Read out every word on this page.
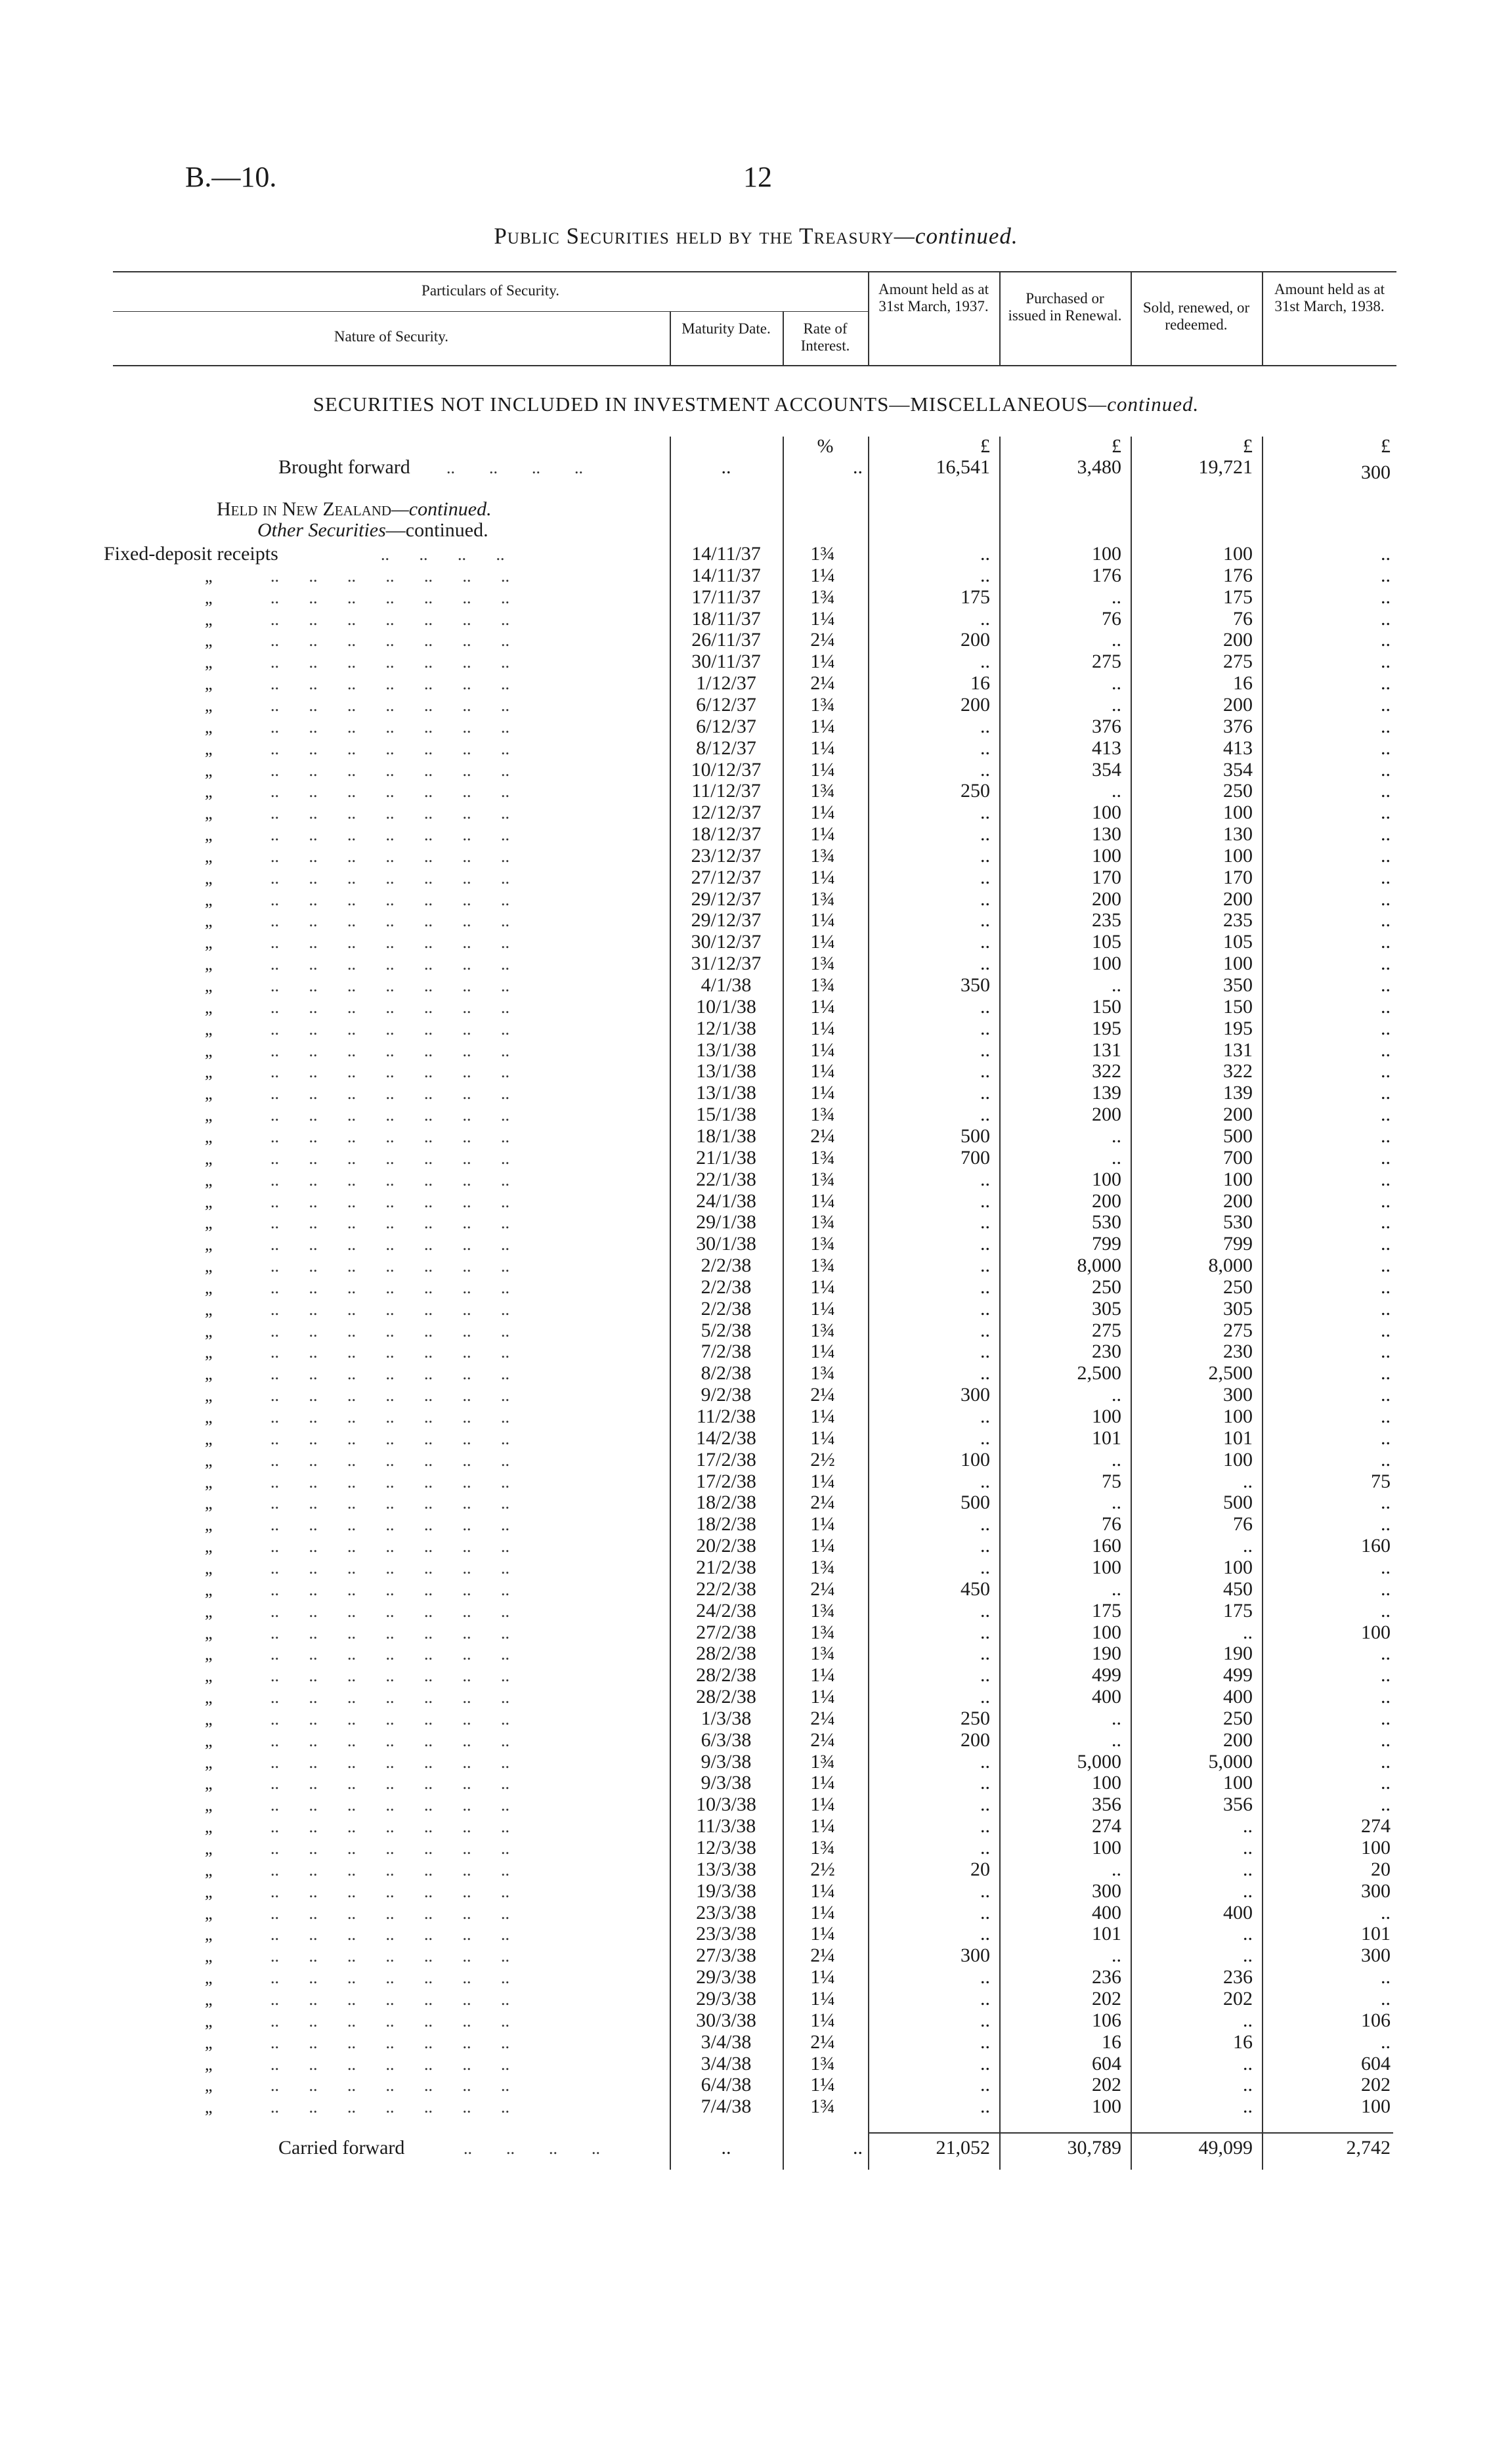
B.—10.	12
Public Securities held by the Treasury—continued.
Particulars of Security.
Nature of Security.	Maturity Date.	Rate of Interest.
Amount held as at 31st March, 1937.	Purchased or issued in Renewal.	Sold, renewed, or redeemed.
Amount held as at 31st March, 1938.
SECURITIES NOT INCLUDED IN INVESTMENT ACCOUNTS—MISCELLANEOUS—continued.
%	£	£	£	£
Brought forward ..        ..        ..        ..	..	..	16,541	3,480	19,721	300
Held in New Zealand—continued.
Other Securities—continued.
Fixed-deposit receipts	..       ..       ..       ..	14/11/37	1¾	..	100	100	..
„	..       ..       ..       ..       ..       ..       ..	14/11/37	1¼	..	176	176	..
„	..       ..       ..       ..       ..       ..       ..	17/11/37	1¾	175	..	175	..
„	..       ..       ..       ..       ..       ..       ..	18/11/37	1¼	..	76	76	..
„	..       ..       ..       ..       ..       ..       ..	26/11/37	2¼	200	..	200	..
„	..       ..       ..       ..       ..       ..       ..	30/11/37	1¼	..	275	275	..
„	..       ..       ..       ..       ..       ..       ..	1/12/37	2¼	16	..	16	..
„	..       ..       ..       ..       ..       ..       ..	6/12/37	1¾	200	..	200	..
„	..       ..       ..       ..       ..       ..       ..	6/12/37	1¼	..	376	376	..
„	..       ..       ..       ..       ..       ..       ..	8/12/37	1¼	..	413	413	..
„	..       ..       ..       ..       ..       ..       ..	10/12/37	1¼	..	354	354	..
„	..       ..       ..       ..       ..       ..       ..	11/12/37	1¾	250	..	250	..
„	..       ..       ..       ..       ..       ..       ..	12/12/37	1¼	..	100	100	..
„	..       ..       ..       ..       ..       ..       ..	18/12/37	1¼	..	130	130	..
„	..       ..       ..       ..       ..       ..       ..	23/12/37	1¾	..	100	100	..
„	..       ..       ..       ..       ..       ..       ..	27/12/37	1¼	..	170	170	..
„	..       ..       ..       ..       ..       ..       ..	29/12/37	1¾	..	200	200	..
„	..       ..       ..       ..       ..       ..       ..	29/12/37	1¼	..	235	235	..
„	..       ..       ..       ..       ..       ..       ..	30/12/37	1¼	..	105	105	..
„	..       ..       ..       ..       ..       ..       ..	31/12/37	1¾	..	100	100	..
„	..       ..       ..       ..       ..       ..       ..	4/1/38	1¾	350	..	350	..
„	..       ..       ..       ..       ..       ..       ..	10/1/38	1¼	..	150	150	..
„	..       ..       ..       ..       ..       ..       ..	12/1/38	1¼	..	195	195	..
„	..       ..       ..       ..       ..       ..       ..	13/1/38	1¼	..	131	131	..
„	..       ..       ..       ..       ..       ..       ..	13/1/38	1¼	..	322	322	..
„	..       ..       ..       ..       ..       ..       ..	13/1/38	1¼	..	139	139	..
„	..       ..       ..       ..       ..       ..       ..	15/1/38	1¾	..	200	200	..
„	..       ..       ..       ..       ..       ..       ..	18/1/38	2¼	500	..	500	..
„	..       ..       ..       ..       ..       ..       ..	21/1/38	1¾	700	..	700	..
„	..       ..       ..       ..       ..       ..       ..	22/1/38	1¾	..	100	100	..
„	..       ..       ..       ..       ..       ..       ..	24/1/38	1¼	..	200	200	..
„	..       ..       ..       ..       ..       ..       ..	29/1/38	1¾	..	530	530	..
„	..       ..       ..       ..       ..       ..       ..	30/1/38	1¾	..	799	799	..
„	..       ..       ..       ..       ..       ..       ..	2/2/38	1¾	..	8,000	8,000	..
„	..       ..       ..       ..       ..       ..       ..	2/2/38	1¼	..	250	250	..
„	..       ..       ..       ..       ..       ..       ..	2/2/38	1¼	..	305	305	..
„	..       ..       ..       ..       ..       ..       ..	5/2/38	1¾	..	275	275	..
„	..       ..       ..       ..       ..       ..       ..	7/2/38	1¼	..	230	230	..
„	..       ..       ..       ..       ..       ..       ..	8/2/38	1¾	..	2,500	2,500	..
„	..       ..       ..       ..       ..       ..       ..	9/2/38	2¼	300	..	300	..
„	..       ..       ..       ..       ..       ..       ..	11/2/38	1¼	..	100	100	..
„	..       ..       ..       ..       ..       ..       ..	14/2/38	1¼	..	101	101	..
„	..       ..       ..       ..       ..       ..       ..	17/2/38	2½	100	..	100	..
„	..       ..       ..       ..       ..       ..       ..	17/2/38	1¼	..	75	..	75
„	..       ..       ..       ..       ..       ..       ..	18/2/38	2¼	500	..	500	..
„	..       ..       ..       ..       ..       ..       ..	18/2/38	1¼	..	76	76	..
„	..       ..       ..       ..       ..       ..       ..	20/2/38	1¼	..	160	..	160
„	..       ..       ..       ..       ..       ..       ..	21/2/38	1¾	..	100	100	..
„	..       ..       ..       ..       ..       ..       ..	22/2/38	2¼	450	..	450	..
„	..       ..       ..       ..       ..       ..       ..	24/2/38	1¾	..	175	175	..
„	..       ..       ..       ..       ..       ..       ..	27/2/38	1¾	..	100	..	100
„	..       ..       ..       ..       ..       ..       ..	28/2/38	1¾	..	190	190	..
„	..       ..       ..       ..       ..       ..       ..	28/2/38	1¼	..	499	499	..
„	..       ..       ..       ..       ..       ..       ..	28/2/38	1¼	..	400	400	..
„	..       ..       ..       ..       ..       ..       ..	1/3/38	2¼	250	..	250	..
„	..       ..       ..       ..       ..       ..       ..	6/3/38	2¼	200	..	200	..
„	..       ..       ..       ..       ..       ..       ..	9/3/38	1¾	..	5,000	5,000	..
„	..       ..       ..       ..       ..       ..       ..	9/3/38	1¼	..	100	100	..
„	..       ..       ..       ..       ..       ..       ..	10/3/38	1¼	..	356	356	..
„	..       ..       ..       ..       ..       ..       ..	11/3/38	1¼	..	274	..	274
„	..       ..       ..       ..       ..       ..       ..	12/3/38	1¾	..	100	..	100
„	..       ..       ..       ..       ..       ..       ..	13/3/38	2½	20	..	..	20
„	..       ..       ..       ..       ..       ..       ..	19/3/38	1¼	..	300	..	300
„	..       ..       ..       ..       ..       ..       ..	23/3/38	1¼	..	400	400	..
„	..       ..       ..       ..       ..       ..       ..	23/3/38	1¼	..	101	..	101
„	..       ..       ..       ..       ..       ..       ..	27/3/38	2¼	300	..	..	300
„	..       ..       ..       ..       ..       ..       ..	29/3/38	1¼	..	236	236	..
„	..       ..       ..       ..       ..       ..       ..	29/3/38	1¼	..	202	202	..
„	..       ..       ..       ..       ..       ..       ..	30/3/38	1¼	..	106	..	106
„	..       ..       ..       ..       ..       ..       ..	3/4/38	2¼	..	16	16	..
„	..       ..       ..       ..       ..       ..       ..	3/4/38	1¾	..	604	..	604
„	..       ..       ..       ..       ..       ..       ..	6/4/38	1¼	..	202	..	202
„	..       ..       ..       ..       ..       ..       ..	7/4/38	1¾	..	100	..	100
Carried forward	..        ..        ..        ..	..	..	21,052	30,789	49,099	2,742
